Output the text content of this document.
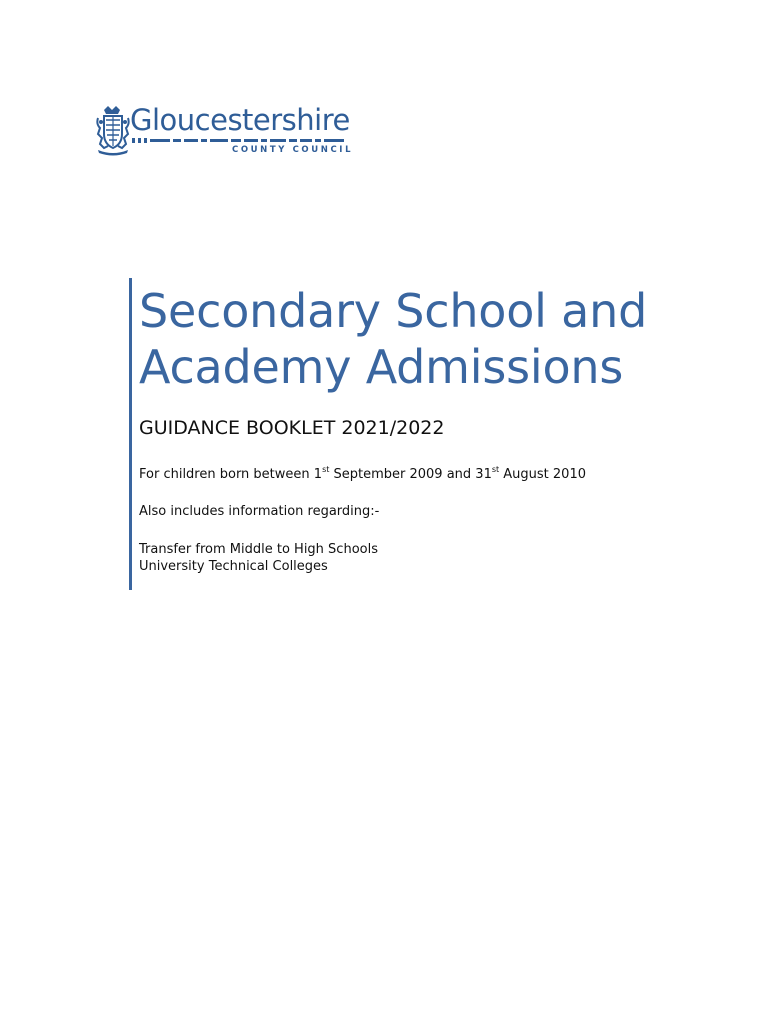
Gloucestershire
COUNTY COUNCIL
Secondary School and
Academy Admissions
GUIDANCE BOOKLET 2021/2022
For children born between 1st September 2009 and 31st August 2010
Also includes information regarding:-
Transfer from Middle to High Schools
University Technical Colleges
